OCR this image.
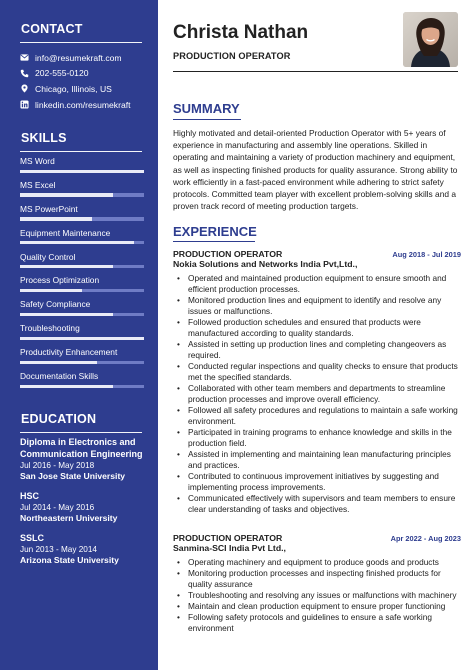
CONTACT
info@resumekraft.com
202-555-0120
Chicago, Illinois, US
linkedin.com/resumekraft
SKILLS
MS Word
MS Excel
MS PowerPoint
Equipment Maintenance
Quality Control
Process Optimization
Safety Compliance
Troubleshooting
Productivity Enhancement
Documentation Skills
EDUCATION
Diploma in Electronics and Communication Engineering
Jul 2016 - May 2018
San Jose State University
HSC
Jul 2014 - May 2016
Northeastern University
SSLC
Jun 2013 - May 2014
Arizona State University
Christa Nathan
PRODUCTION OPERATOR
SUMMARY
Highly motivated and detail-oriented Production Operator with 5+ years of experience in manufacturing and assembly line operations. Skilled in operating and maintaining a variety of production machinery and equipment, as well as inspecting finished products for quality assurance. Strong ability to work efficiently in a fast-paced environment while adhering to strict safety protocols. Committed team player with excellent problem-solving skills and a proven track record of meeting production targets.
EXPERIENCE
PRODUCTION OPERATOR	Aug 2018 - Jul 2019
Nokia Solutions and Networks India Pvt,Ltd.,
• Operated and maintained production equipment to ensure smooth and efficient production processes.
• Monitored production lines and equipment to identify and resolve any issues or malfunctions.
• Followed production schedules and ensured that products were manufactured according to quality standards.
• Assisted in setting up production lines and completing changeovers as required.
• Conducted regular inspections and quality checks to ensure that products met the specified standards.
• Collaborated with other team members and departments to streamline production processes and improve overall efficiency.
• Followed all safety procedures and regulations to maintain a safe working environment.
• Participated in training programs to enhance knowledge and skills in the production field.
• Assisted in implementing and maintaining lean manufacturing principles and practices.
• Contributed to continuous improvement initiatives by suggesting and implementing process improvements.
• Communicated effectively with supervisors and team members to ensure clear understanding of tasks and objectives.
PRODUCTION OPERATOR	Apr 2022 - Aug 2023
Sanmina-SCI India Pvt Ltd.,
• Operating machinery and equipment to produce goods and products
• Monitoring production processes and inspecting finished products for quality assurance
• Troubleshooting and resolving any issues or malfunctions with machinery
• Maintain and clean production equipment to ensure proper functioning
• Following safety protocols and guidelines to ensure a safe working environment
